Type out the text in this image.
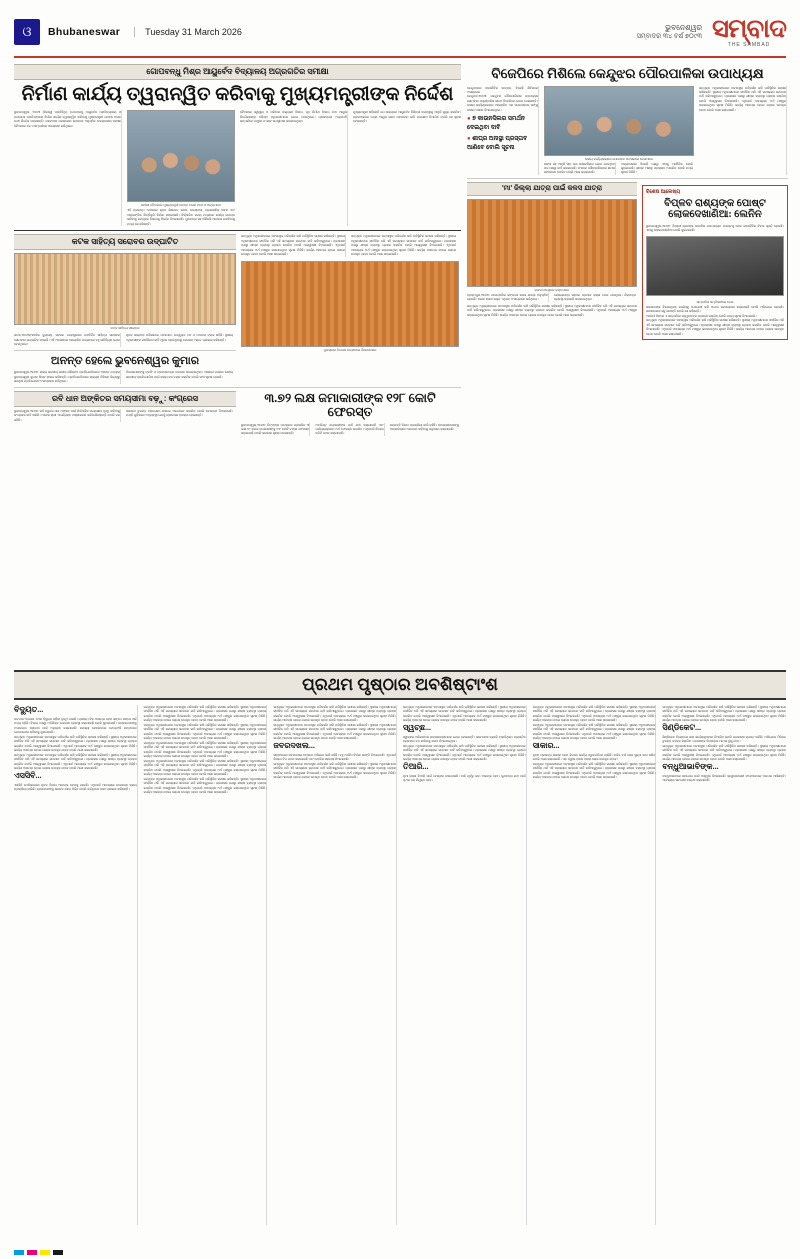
ଓ	Bhubaneswar	Tuesday 31 March 2026	ଭୁବନେଶ୍ୱର
ସମ୍ବାଦର ୩୪ ବର୍ଷ ୭୦୯୩ ସମ୍ବାଦ
THE SAMBAD
ଗୋପବନ୍ଧୁ ମିଶ୍ର ଆୟୁର୍ବେଦ ବିଦ୍ୟାଳୟ ଅଗ୍ରଗତିର ସମୀକ୍ଷା
ନିର୍ମାଣ କାର୍ଯ୍ୟ ତ୍ୱରାନ୍ୱିତ କରିବାକୁ ମୁଖ୍ୟମନ୍ତ୍ରୀଙ୍କ ନିର୍ଦ୍ଦେଶ
ଭୁବନେଶ୍ୱର, ୩୦ା୩ (ନିଜସ୍ୱ ପ୍ରତିନିଧି): ଗୋପବନ୍ଧୁ ଆୟୁର୍ବେଦ ମହାବିଦ୍ୟାଳୟ ଓ ଗବେଷଣା ପ୍ରତିଷ୍ଠାନର ନିର୍ମାଣ କାର୍ଯ୍ୟ ତ୍ୱରାନ୍ୱିତ କରିବାକୁ ମୁଖ୍ୟମନ୍ତ୍ରୀ ମୋହନ ଚରଣ ମାଝୀ ନିର୍ଦ୍ଦେଶ ଦେଇଛନ୍ତି। ସୋମବାର ଲୋକସେବା ଭବନରେ ଅନୁଷ୍ଠିତ ଉଚ୍ଚସ୍ତରୀୟ ସମୀକ୍ଷା ବୈଠକରେ ସେ ଏ ସମ୍ପର୍କରେ ଆଲୋଚନା କରିଥିଲେ।
ସମୀକ୍ଷା ବୈଠକରେ ମୁଖ୍ୟମନ୍ତ୍ରୀ ମୋହନ ଚରଣ ମାଝୀ ଓ ଅନ୍ୟମାନେ
ଏହି ପ୍ରକଳ୍ପ ଅଧୀନରେ ନୂତନ ଶିକ୍ଷାଗତ ଭବନ, ଛାତ୍ରାବାସ, ପ୍ରଶାସନିକ ଭବନ ଏବଂ ଆନୁଷଙ୍ଗିକ ଭିତ୍ତିଭୂମି ନିର୍ମାଣ କରାଯାଉଛି। ନିର୍ଦ୍ଧାରିତ ସମୟ ମଧ୍ୟରେ କାର୍ଯ୍ୟ ସମାପ୍ତ କରିବାକୁ ସମ୍ପୃକ୍ତ ବିଭାଗକୁ ନିର୍ଦ୍ଦେଶ ଦିଆଯାଇଛି। ଗୁଣବତ୍ତା ସହ କୌଣସି ଆପୋଷ ନକରିବାକୁ ମଧ୍ୟ ସେ କହିଛନ୍ତି।
ବୈଠକରେ ସ୍ୱାସ୍ଥ୍ୟ ଓ ପରିବାର କଲ୍ୟାଣ ବିଭାଗ, ଗୃହ ନିର୍ମାଣ ବିଭାଗ ତଥା ଆୟୁଷ ନିର୍ଦ୍ଦେଶାଳୟର ବରିଷ୍ଠ ଅଧିକାରୀମାନେ ଯୋଗ ଦେଇଥିଲେ। ପ୍ରକଳ୍ପର ଅଗ୍ରଗତି ସମ୍ପର୍କରେ ପାୱାର ପଏଣ୍ଟ ଉପସ୍ଥାପନା କରାଯାଇଥିଲା।
ମୁଖ୍ୟମନ୍ତ୍ରୀ କହିଛନ୍ତି ଯେ ରାଜ୍ୟରେ ଆୟୁର୍ବେଦ ଚିକିତ୍ସା ବ୍ୟବସ୍ଥାକୁ ଆହୁରି ସୁଦୃଢ଼ କରାଯିବ। ଗ୍ରାମାଞ୍ଚଳରେ ମଧ୍ୟ ଆୟୁଷ ସେବା ପହଞ୍ଚାଇବା ଲାଗି ପଦକ୍ଷେପ ନିଆଯିବ ବୋଲି ସେ ସୂଚନା ଦେଇଛନ୍ତି।
କଟକ ସାହିତ୍ୟ ସରୋବର ଉଦ୍‌ଘାଟିତ
କଟକ ସାହିତ୍ୟ ସରୋବର
କଟକ,୩୦ା୩(ଆଞ୍ଚଳିକ ବ୍ୟୁରୋ): ସହରର ମଧ୍ୟସ୍ଥଳରେ ନବନିର୍ମିତ ସାହିତ୍ୟ ସରୋବର ସୋମବାର ଉଦ୍‌ଘାଟିତ ହୋଇଛି। ଏହି ଅବସରରେ ଆୟୋଜିତ ଉତ୍ସବରେ ବହୁ ସାହିତ୍ୟିକ ଯୋଗ ଦେଇଥିଲେ।
ନୂତନ ସରୋବର ପରିସରରେ ପାଠାଗାର, ଉନ୍ମୁକ୍ତ ମଞ୍ଚ ଓ ପଥଚଲା ଟ୍ରାକ ରହିଛି। ସ୍ଥାନୀୟ ଅଧିବାସୀଙ୍କ ଦୀର୍ଘଦିନର ଦାବି ପୂରଣ ହୋଇଥିବାରୁ ସେମାନେ ଆନନ୍ଦ ପ୍ରକାଶ କରିଛନ୍ତି।
ଅନନ୍ତ ହେଲେ ଭୁବନେଶ୍ୱର କୁମାର
ଭୁବନେଶ୍ୱର,୩୦ା୩: ରାଜ୍ୟ ସ୍ତରୀୟ ଶରୀର ସୌଷ୍ଠବ ପ୍ରତିଯୋଗିତାରେ ଅନନ୍ତ ବେହେରା ଭୁବନେଶ୍ୱର କୁମାର ଖିତାବ ହାସଲ କରିଛନ୍ତି। ପ୍ରତିଯୋଗିତାରେ ରାଜ୍ୟର ବିଭିନ୍ନ ଜିଲ୍ଲାରୁ ଶତାଧିକ ପ୍ରତିଯୋଗୀ ଅଂଶଗ୍ରହଣ କରିଥିଲେ।
ବିଜେତାମାନଙ୍କୁ ଟ୍ରଫି ଓ ପ୍ରମାଣପତ୍ର ପ୍ରଦାନ କରାଯାଇଥିଲା। ଆସନ୍ତା ମାସରେ ଜାତୀୟ ସ୍ତରୀୟ ପ୍ରତିଯୋଗିତା ପାଇଁ ରାଜ୍ୟ ଦଳ ଚୟନ କରାଯିବ ବୋଲି ସଂଘ ସୂଚନା ଦେଇଛି।
ସମ୍ପୃକ୍ତ ଅଧିକାରୀମାନେ ଘଟଣାସ୍ଥଳ ପରିଦର୍ଶନ କରି ପରିସ୍ଥିତିର ସମୀକ୍ଷା କରିଛନ୍ତି। ସ୍ଥାନୀୟ ଅଧିବାସୀମାନେ ଦୀର୍ଘଦିନ ଧରି ଏହି ସମସ୍ୟାର ସମାଧାନ ଦାବି କରିଆସୁଥିଲେ। ପ୍ରଶାସନ ପକ୍ଷରୁ ଶୀଘ୍ର ବ୍ୟବସ୍ଥା ଗ୍ରହଣ କରାଯିବ ବୋଲି ଆଶ୍ୱାସନା ଦିଆଯାଇଛି। ଏଥିପାଇଁ ଆବଶ୍ୟକ ଅର୍ଥ ମଞ୍ଜୁର କରାଯାଇଥିବା ସୂଚନା ମିଳିଛି। କାର୍ଯ୍ୟ ଆରମ୍ଭ ହେଲେ ଲୋକେ ଉପକୃତ ହେବେ ବୋଲି ଆଶା କରାଯାଉଛି।
ସମ୍ପୃକ୍ତ ଅଧିକାରୀମାନେ ଘଟଣାସ୍ଥଳ ପରିଦର୍ଶନ କରି ପରିସ୍ଥିତିର ସମୀକ୍ଷା କରିଛନ୍ତି। ସ୍ଥାନୀୟ ଅଧିବାସୀମାନେ ଦୀର୍ଘଦିନ ଧରି ଏହି ସମସ୍ୟାର ସମାଧାନ ଦାବି କରିଆସୁଥିଲେ। ପ୍ରଶାସନ ପକ୍ଷରୁ ଶୀଘ୍ର ବ୍ୟବସ୍ଥା ଗ୍ରହଣ କରାଯିବ ବୋଲି ଆଶ୍ୱାସନା ଦିଆଯାଇଛି। ଏଥିପାଇଁ ଆବଶ୍ୟକ ଅର୍ଥ ମଞ୍ଜୁର କରାଯାଇଥିବା ସୂଚନା ମିଳିଛି। କାର୍ଯ୍ୟ ଆରମ୍ଭ ହେଲେ ଲୋକେ ଉପକୃତ ହେବେ ବୋଲି ଆଶା କରାଯାଉଛି।
ପୁରସ୍କାର ବିତରଣ ଉତ୍ସବରେ ବିଜେତାମାନେ
ରବି ଧାନ ଅଙ୍କିତର ସମୟସୀମା ବଢ଼ୁ: କଂଗ୍ରେସ
ଭୁବନେଶ୍ୱର,୩୦ା୩: ରବି ଋତୁରେ ଧାନ ଅଙ୍କନ ପାଇଁ ନିର୍ଦ୍ଧାରିତ ସମୟସୀମା ବୃଦ୍ଧି କରିବାକୁ କଂଗ୍ରେସ ଦାବି କରିଛି। ଅନେକ ଚାଷୀ ଏପର୍ଯ୍ୟନ୍ତ ପଞ୍ଜୀକରଣ କରିପାରିନାହାନ୍ତି ବୋଲି ଦଳ କହିଛି।
ସରକାର ତୁରନ୍ତ ହସ୍ତକ୍ଷେପ ନକଲେ ଆନ୍ଦୋଳନ କରାଯିବ ବୋଲି ଚେତାବନୀ ଦିଆଯାଇଛି। ମଣ୍ଡି ଗୁଡ଼ିକରେ ଅବ୍ୟବସ୍ଥା ଯୋଗୁଁ ଚାଷୀମାନେ ହଇରାଣ ହେଉଛନ୍ତି।
୩.୭୨ ଲକ୍ଷ ଜମାକାରୀଙ୍କ ୧୨୮ କୋଟି ଫେରସ୍ତ
ଭୁବନେଶ୍ୱର,୩୦ା୩: ଚିଟ୍‌ଫଣ୍ଡ ମାମଲାରେ ପ୍ରତାରିତ ୩ ଲକ୍ଷ ୭୨ ହଜାର ଜମାକାରୀଙ୍କୁ ୧୨୮ କୋଟି ଟଙ୍କା ଫେରସ୍ତ କରାଯାଇଛି ବୋଲି ସରକାର ସୂଚନା ଦେଇଛନ୍ତି।
ଅବଶିଷ୍ଟ ଜମାକାରୀଙ୍କ ଦାବି ଯାଞ୍ଚ କରାଯାଉଛି ଏବଂ ପର୍ଯ୍ୟାୟକ୍ରମେ ଅର୍ଥ ଫେରସ୍ତ କରାଯିବ। ଏଥିପାଇଁ ବିଶେଷ କମିଟି ଗଠନ କରାଯାଇଛି।
ସମ୍ପତ୍ତି ନିଲାମ ପ୍ରକ୍ରିୟା ଜାରି ରହିଛି। ଜମାକାରୀମାନଙ୍କୁ ଅନଲାଇନ୍‌ରେ ଆବେଦନ କରିବାକୁ ଅନୁରୋଧ କରାଯାଇଛି।
ବିଜେପିରେ ମିଶିଲେ କେନ୍ଦୁଝର ପୌରପାଳିକା ଉପାଧ୍ୟକ୍ଷ
କେନ୍ଦୁଝରରେ ରାଜନୈତିକ ଉତ୍ତାପ, ବିଜେଡ଼ି ଶିବିରରେ ଅସନ୍ତୋଷ
କେନ୍ଦୁଝର,୩୦ା୩: କେନ୍ଦୁଝର ପୌରପାଳିକାର ଉପାଧ୍ୟକ୍ଷ ସୋମବାର ଆନୁଷ୍ଠାନିକ ଭାବେ ବିଜେପିରେ ଯୋଗ ଦେଇଛନ୍ତି। ଦଳୀୟ କାର୍ଯ୍ୟାଳୟରେ ଆୟୋଜିତ ଏକ ସମାରୋହରେ ତାଙ୍କୁ ଦଳୀୟ ପତାକା ଦିଆଯାଇଥିଲା।
● ୭ କାଉନସିଲର ସମର୍ଥନ ଦେଇଥିବା ଦାବି
● ଶୀଘ୍ର ଅନାସ୍ଥା ପ୍ରସ୍ତାବ ଆଣିବେ ବୋଲି ସୂଚନା
ଦଳୀୟ କାର୍ଯ୍ୟାଳୟରେ ଯୋଗଦାନ ଅବସରରେ ନେତାମାନେ
ତାଙ୍କ ସହ ଆହୁରି ସାତ ଜଣ କାଉନସିଲର ଯୋଗ ଦେଇଥିବା ଦଳ ପକ୍ଷରୁ ଦାବି କରାଯାଇଛି। ଫଳରେ ପୌରପାଳିକାରେ କ୍ଷମତା ସମୀକରଣ ବଦଳିବ ବୋଲି ଆଶା କରାଯାଉଛି।
ଅନ୍ୟପକ୍ଷରେ ବିଜେଡ଼ି ପକ୍ଷରୁ ଏହାକୁ ଅନୈତିକ ବୋଲି କୁହାଯାଇଛି। ଶୀଘ୍ର ଅନାସ୍ଥା ପ୍ରସ୍ତାବ ଅଣାଯିବ ବୋଲି ମଧ୍ୟ ସୂଚନା ମିଳିଛି।
ସମ୍ପୃକ୍ତ ଅଧିକାରୀମାନେ ଘଟଣାସ୍ଥଳ ପରିଦର୍ଶନ କରି ପରିସ୍ଥିତିର ସମୀକ୍ଷା କରିଛନ୍ତି। ସ୍ଥାନୀୟ ଅଧିବାସୀମାନେ ଦୀର୍ଘଦିନ ଧରି ଏହି ସମସ୍ୟାର ସମାଧାନ ଦାବି କରିଆସୁଥିଲେ। ପ୍ରଶାସନ ପକ୍ଷରୁ ଶୀଘ୍ର ବ୍ୟବସ୍ଥା ଗ୍ରହଣ କରାଯିବ ବୋଲି ଆଶ୍ୱାସନା ଦିଆଯାଇଛି। ଏଥିପାଇଁ ଆବଶ୍ୟକ ଅର୍ଥ ମଞ୍ଜୁର କରାଯାଇଥିବା ସୂଚନା ମିଳିଛି। କାର୍ଯ୍ୟ ଆରମ୍ଭ ହେଲେ ଲୋକେ ଉପକୃତ ହେବେ ବୋଲି ଆଶା କରାଯାଉଛି।
'ମା' ଜିଲ୍ଲା ଯାତ୍ରା ପାଇଁ କଳସ ଯାତ୍ରା
କଳସ ଯାତ୍ରାରେ ଭକ୍ତମାନେ
ବ୍ରହ୍ମପୁର,୩୦ା୩: ପାରମ୍ପରିକ ଢଙ୍ଗରେ କଳସ ଯାତ୍ରା ଅନୁଷ୍ଠିତ ହୋଇଛି। ହଜାର ହଜାର ଭକ୍ତ ଏଥିରେ ଅଂଶଗ୍ରହଣ କରିଥିଲେ।
ଶୋଭାଯାତ୍ରା ସହରର ପ୍ରଧାନ ରାସ୍ତା ଦେଇ ଯାଇଥିଲା। ନିରାପତ୍ତା ବ୍ୟବସ୍ଥା କଡ଼ାକଡ଼ି କରାଯାଇଥିଲା।
ସମ୍ପୃକ୍ତ ଅଧିକାରୀମାନେ ଘଟଣାସ୍ଥଳ ପରିଦର୍ଶନ କରି ପରିସ୍ଥିତିର ସମୀକ୍ଷା କରିଛନ୍ତି। ସ୍ଥାନୀୟ ଅଧିବାସୀମାନେ ଦୀର୍ଘଦିନ ଧରି ଏହି ସମସ୍ୟାର ସମାଧାନ ଦାବି କରିଆସୁଥିଲେ। ପ୍ରଶାସନ ପକ୍ଷରୁ ଶୀଘ୍ର ବ୍ୟବସ୍ଥା ଗ୍ରହଣ କରାଯିବ ବୋଲି ଆଶ୍ୱାସନା ଦିଆଯାଇଛି। ଏଥିପାଇଁ ଆବଶ୍ୟକ ଅର୍ଥ ମଞ୍ଜୁର କରାଯାଇଥିବା ସୂଚନା ମିଳିଛି। କାର୍ଯ୍ୟ ଆରମ୍ଭ ହେଲେ ଲୋକେ ଉପକୃତ ହେବେ ବୋଲି ଆଶା କରାଯାଉଛି।
ବିଶେଷ ଆଲେଖ୍ୟ
ବିପ୍ଳବ ରାଶ୍ୟଙ୍କ ପୋଷ୍ଟ ଲୋକଦେଖାଣିଆ: ଲେନିନ
ଭୁବନେଶ୍ୱର,୩୦ା୩: ବିରୋଧୀ ନେତାଙ୍କ ସାମାଜିକ ଗଣମାଧ୍ୟମ ପୋଷ୍ଟକୁ ନେଇ ରାଜନୈତିକ ବିବାଦ ସୃଷ୍ଟି ହୋଇଛି। ଏହାକୁ ଲୋକଦେଖାଣିଆ ବୋଲି କୁହାଯାଇଛି।
ସାମ୍ବାଦିକ ସମ୍ମିଳନୀରେ ନେତା
ସରକାରଙ୍କ ବିକାଶମୂଳକ କାର୍ଯ୍ୟକୁ ଅଣଦେଖା କରି ଅଯଥା ସମାଲୋଚନା କରାଯାଉଛି ବୋଲି ଅଭିଯୋଗ ହୋଇଛି। ଜନସାଧାରଣ ସବୁ ଜାଣନ୍ତି ବୋଲି ସେ କହିଛନ୍ତି।
ଆଗାମୀ ଦିନରେ ଏ ସମ୍ପର୍କରେ ଶ୍ୱେତପତ୍ର ପ୍ରକାଶ କରାଯିବ ବୋଲି ମଧ୍ୟ ସୂଚନା ଦିଆଯାଇଛି।
ସମ୍ପୃକ୍ତ ଅଧିକାରୀମାନେ ଘଟଣାସ୍ଥଳ ପରିଦର୍ଶନ କରି ପରିସ୍ଥିତିର ସମୀକ୍ଷା କରିଛନ୍ତି। ସ୍ଥାନୀୟ ଅଧିବାସୀମାନେ ଦୀର୍ଘଦିନ ଧରି ଏହି ସମସ୍ୟାର ସମାଧାନ ଦାବି କରିଆସୁଥିଲେ। ପ୍ରଶାସନ ପକ୍ଷରୁ ଶୀଘ୍ର ବ୍ୟବସ୍ଥା ଗ୍ରହଣ କରାଯିବ ବୋଲି ଆଶ୍ୱାସନା ଦିଆଯାଇଛି। ଏଥିପାଇଁ ଆବଶ୍ୟକ ଅର୍ଥ ମଞ୍ଜୁର କରାଯାଇଥିବା ସୂଚନା ମିଳିଛି। କାର୍ଯ୍ୟ ଆରମ୍ଭ ହେଲେ ଲୋକେ ଉପକୃତ ହେବେ ବୋଲି ଆଶା କରାଯାଉଛି।
ପ୍ରଥମ ପୃଷ୍ଠାର ଅବଶିଷ୍ଟାଂଶ
ବିଦ୍ୟୁତ...
ଗତମାସ ଅପେକ୍ଷା ଏଥର ବିଦ୍ୟୁତ ଚାହିଦା ବୃଦ୍ଧି ପାଇଛି। ଗ୍ରୀଷ୍ମ ଦିନ ଆରମ୍ଭ ହେବା ସଙ୍ଗେ ସଙ୍ଗେ ଖର୍ଚ୍ଚ ମଧ୍ୟ ବଢ଼ିଛି। ବିଭାଗ ପକ୍ଷରୁ ଅତିରିକ୍ତ ଯୋଗାଣ ବ୍ୟବସ୍ଥା କରାଯାଇଛି ବୋଲି କୁହାଯାଇଛି। ଗ୍ରାହକମାନଙ୍କୁ ଅପାରଗତା ଏଡ଼ାଇବା ପାଇଁ ଅନୁରୋଧ କରାଯାଇଛି। ସମସ୍ୟା ଦେଖାଦେଲେ ଟୋଲ୍‌ଫ୍ରି ନମ୍ବରରେ ଯୋଗାଯୋଗ କରିବାକୁ କୁହାଯାଇଛି।
ସମ୍ପୃକ୍ତ ଅଧିକାରୀମାନେ ଘଟଣାସ୍ଥଳ ପରିଦର୍ଶନ କରି ପରିସ୍ଥିତିର ସମୀକ୍ଷା କରିଛନ୍ତି। ସ୍ଥାନୀୟ ଅଧିବାସୀମାନେ ଦୀର୍ଘଦିନ ଧରି ଏହି ସମସ୍ୟାର ସମାଧାନ ଦାବି କରିଆସୁଥିଲେ। ପ୍ରଶାସନ ପକ୍ଷରୁ ଶୀଘ୍ର ବ୍ୟବସ୍ଥା ଗ୍ରହଣ କରାଯିବ ବୋଲି ଆଶ୍ୱାସନା ଦିଆଯାଇଛି। ଏଥିପାଇଁ ଆବଶ୍ୟକ ଅର୍ଥ ମଞ୍ଜୁର କରାଯାଇଥିବା ସୂଚନା ମିଳିଛି। କାର୍ଯ୍ୟ ଆରମ୍ଭ ହେଲେ ଲୋକେ ଉପକୃତ ହେବେ ବୋଲି ଆଶା କରାଯାଉଛି।
ସମ୍ପୃକ୍ତ ଅଧିକାରୀମାନେ ଘଟଣାସ୍ଥଳ ପରିଦର୍ଶନ କରି ପରିସ୍ଥିତିର ସମୀକ୍ଷା କରିଛନ୍ତି। ସ୍ଥାନୀୟ ଅଧିବାସୀମାନେ ଦୀର୍ଘଦିନ ଧରି ଏହି ସମସ୍ୟାର ସମାଧାନ ଦାବି କରିଆସୁଥିଲେ। ପ୍ରଶାସନ ପକ୍ଷରୁ ଶୀଘ୍ର ବ୍ୟବସ୍ଥା ଗ୍ରହଣ କରାଯିବ ବୋଲି ଆଶ୍ୱାସନା ଦିଆଯାଇଛି। ଏଥିପାଇଁ ଆବଶ୍ୟକ ଅର୍ଥ ମଞ୍ଜୁର କରାଯାଇଥିବା ସୂଚନା ମିଳିଛି। କାର୍ଯ୍ୟ ଆରମ୍ଭ ହେଲେ ଲୋକେ ଉପକୃତ ହେବେ ବୋଲି ଆଶା କରାଯାଉଛି।
ଏସସିବି...
ଏସସିବି ମେଡିକାଲରେ ନୂତନ ବିଭାଗ ଆରମ୍ଭ ହେବାକୁ ଯାଉଛି। ଏଥିପାଇଁ ଆବଶ୍ୟକ ଉପକରଣ କ୍ରୟ ପ୍ରକ୍ରିୟା ଚାଲିଛି। ରୋଗୀମାନଙ୍କୁ ଉନ୍ନତ ସେବା ମିଳିବ ବୋଲି କର୍ତ୍ତୃପକ୍ଷ ଆଶା ପ୍ରକାଶ କରିଛନ୍ତି।
ସମ୍ପୃକ୍ତ ଅଧିକାରୀମାନେ ଘଟଣାସ୍ଥଳ ପରିଦର୍ଶନ କରି ପରିସ୍ଥିତିର ସମୀକ୍ଷା କରିଛନ୍ତି। ସ୍ଥାନୀୟ ଅଧିବାସୀମାନେ ଦୀର୍ଘଦିନ ଧରି ଏହି ସମସ୍ୟାର ସମାଧାନ ଦାବି କରିଆସୁଥିଲେ। ପ୍ରଶାସନ ପକ୍ଷରୁ ଶୀଘ୍ର ବ୍ୟବସ୍ଥା ଗ୍ରହଣ କରାଯିବ ବୋଲି ଆଶ୍ୱାସନା ଦିଆଯାଇଛି। ଏଥିପାଇଁ ଆବଶ୍ୟକ ଅର୍ଥ ମଞ୍ଜୁର କରାଯାଇଥିବା ସୂଚନା ମିଳିଛି। କାର୍ଯ୍ୟ ଆରମ୍ଭ ହେଲେ ଲୋକେ ଉପକୃତ ହେବେ ବୋଲି ଆଶା କରାଯାଉଛି।
ସମ୍ପୃକ୍ତ ଅଧିକାରୀମାନେ ଘଟଣାସ୍ଥଳ ପରିଦର୍ଶନ କରି ପରିସ୍ଥିତିର ସମୀକ୍ଷା କରିଛନ୍ତି। ସ୍ଥାନୀୟ ଅଧିବାସୀମାନେ ଦୀର୍ଘଦିନ ଧରି ଏହି ସମସ୍ୟାର ସମାଧାନ ଦାବି କରିଆସୁଥିଲେ। ପ୍ରଶାସନ ପକ୍ଷରୁ ଶୀଘ୍ର ବ୍ୟବସ୍ଥା ଗ୍ରହଣ କରାଯିବ ବୋଲି ଆଶ୍ୱାସନା ଦିଆଯାଇଛି। ଏଥିପାଇଁ ଆବଶ୍ୟକ ଅର୍ଥ ମଞ୍ଜୁର କରାଯାଇଥିବା ସୂଚନା ମିଳିଛି। କାର୍ଯ୍ୟ ଆରମ୍ଭ ହେଲେ ଲୋକେ ଉପକୃତ ହେବେ ବୋଲି ଆଶା କରାଯାଉଛି।
ସମ୍ପୃକ୍ତ ଅଧିକାରୀମାନେ ଘଟଣାସ୍ଥଳ ପରିଦର୍ଶନ କରି ପରିସ୍ଥିତିର ସମୀକ୍ଷା କରିଛନ୍ତି। ସ୍ଥାନୀୟ ଅଧିବାସୀମାନେ ଦୀର୍ଘଦିନ ଧରି ଏହି ସମସ୍ୟାର ସମାଧାନ ଦାବି କରିଆସୁଥିଲେ। ପ୍ରଶାସନ ପକ୍ଷରୁ ଶୀଘ୍ର ବ୍ୟବସ୍ଥା ଗ୍ରହଣ କରାଯିବ ବୋଲି ଆଶ୍ୱାସନା ଦିଆଯାଇଛି। ଏଥିପାଇଁ ଆବଶ୍ୟକ ଅର୍ଥ ମଞ୍ଜୁର କରାଯାଇଥିବା ସୂଚନା ମିଳିଛି। କାର୍ଯ୍ୟ ଆରମ୍ଭ ହେଲେ ଲୋକେ ଉପକୃତ ହେବେ ବୋଲି ଆଶା କରାଯାଉଛି।
ସମ୍ପୃକ୍ତ ଅଧିକାରୀମାନେ ଘଟଣାସ୍ଥଳ ପରିଦର୍ଶନ କରି ପରିସ୍ଥିତିର ସମୀକ୍ଷା କରିଛନ୍ତି। ସ୍ଥାନୀୟ ଅଧିବାସୀମାନେ ଦୀର୍ଘଦିନ ଧରି ଏହି ସମସ୍ୟାର ସମାଧାନ ଦାବି କରିଆସୁଥିଲେ। ପ୍ରଶାସନ ପକ୍ଷରୁ ଶୀଘ୍ର ବ୍ୟବସ୍ଥା ଗ୍ରହଣ କରାଯିବ ବୋଲି ଆଶ୍ୱାସନା ଦିଆଯାଇଛି। ଏଥିପାଇଁ ଆବଶ୍ୟକ ଅର୍ଥ ମଞ୍ଜୁର କରାଯାଇଥିବା ସୂଚନା ମିଳିଛି। କାର୍ଯ୍ୟ ଆରମ୍ଭ ହେଲେ ଲୋକେ ଉପକୃତ ହେବେ ବୋଲି ଆଶା କରାଯାଉଛି।
ସମ୍ପୃକ୍ତ ଅଧିକାରୀମାନେ ଘଟଣାସ୍ଥଳ ପରିଦର୍ଶନ କରି ପରିସ୍ଥିତିର ସମୀକ୍ଷା କରିଛନ୍ତି। ସ୍ଥାନୀୟ ଅଧିବାସୀମାନେ ଦୀର୍ଘଦିନ ଧରି ଏହି ସମସ୍ୟାର ସମାଧାନ ଦାବି କରିଆସୁଥିଲେ। ପ୍ରଶାସନ ପକ୍ଷରୁ ଶୀଘ୍ର ବ୍ୟବସ୍ଥା ଗ୍ରହଣ କରାଯିବ ବୋଲି ଆଶ୍ୱାସନା ଦିଆଯାଇଛି। ଏଥିପାଇଁ ଆବଶ୍ୟକ ଅର୍ଥ ମଞ୍ଜୁର କରାଯାଇଥିବା ସୂଚନା ମିଳିଛି। କାର୍ଯ୍ୟ ଆରମ୍ଭ ହେଲେ ଲୋକେ ଉପକୃତ ହେବେ ବୋଲି ଆଶା କରାଯାଉଛି।
ସମ୍ପୃକ୍ତ ଅଧିକାରୀମାନେ ଘଟଣାସ୍ଥଳ ପରିଦର୍ଶନ କରି ପରିସ୍ଥିତିର ସମୀକ୍ଷା କରିଛନ୍ତି। ସ୍ଥାନୀୟ ଅଧିବାସୀମାନେ ଦୀର୍ଘଦିନ ଧରି ଏହି ସମସ୍ୟାର ସମାଧାନ ଦାବି କରିଆସୁଥିଲେ। ପ୍ରଶାସନ ପକ୍ଷରୁ ଶୀଘ୍ର ବ୍ୟବସ୍ଥା ଗ୍ରହଣ କରାଯିବ ବୋଲି ଆଶ୍ୱାସନା ଦିଆଯାଇଛି। ଏଥିପାଇଁ ଆବଶ୍ୟକ ଅର୍ଥ ମଞ୍ଜୁର କରାଯାଇଥିବା ସୂଚନା ମିଳିଛି। କାର୍ଯ୍ୟ ଆରମ୍ଭ ହେଲେ ଲୋକେ ଉପକୃତ ହେବେ ବୋଲି ଆଶା କରାଯାଉଛି।
ସମ୍ପୃକ୍ତ ଅଧିକାରୀମାନେ ଘଟଣାସ୍ଥଳ ପରିଦର୍ଶନ କରି ପରିସ୍ଥିତିର ସମୀକ୍ଷା କରିଛନ୍ତି। ସ୍ଥାନୀୟ ଅଧିବାସୀମାନେ ଦୀର୍ଘଦିନ ଧରି ଏହି ସମସ୍ୟାର ସମାଧାନ ଦାବି କରିଆସୁଥିଲେ। ପ୍ରଶାସନ ପକ୍ଷରୁ ଶୀଘ୍ର ବ୍ୟବସ୍ଥା ଗ୍ରହଣ କରାଯିବ ବୋଲି ଆଶ୍ୱାସନା ଦିଆଯାଇଛି। ଏଥିପାଇଁ ଆବଶ୍ୟକ ଅର୍ଥ ମଞ୍ଜୁର କରାଯାଇଥିବା ସୂଚନା ମିଳିଛି। କାର୍ଯ୍ୟ ଆରମ୍ଭ ହେଲେ ଲୋକେ ଉପକୃତ ହେବେ ବୋଲି ଆଶା କରାଯାଉଛି।
ଜବରଦଖଲ...
ସହରାଞ୍ଚଳରେ ଜବରଦଖଲ ହଟାଇବା ଅଭିଯାନ ଜାରି ରହିଛି। ବହୁ ଅବୈଧ ନିର୍ମାଣ ଭାଙ୍ଗି ଦିଆଯାଇଛି। ଏଥିପାଇଁ ବିଶେଷ ଟିମ ଗଠନ କରାଯାଇଛି ଏବଂ ପୋଲିସ ସହାୟତା ନିଆଯାଉଛି।
ସମ୍ପୃକ୍ତ ଅଧିକାରୀମାନେ ଘଟଣାସ୍ଥଳ ପରିଦର୍ଶନ କରି ପରିସ୍ଥିତିର ସମୀକ୍ଷା କରିଛନ୍ତି। ସ୍ଥାନୀୟ ଅଧିବାସୀମାନେ ଦୀର୍ଘଦିନ ଧରି ଏହି ସମସ୍ୟାର ସମାଧାନ ଦାବି କରିଆସୁଥିଲେ। ପ୍ରଶାସନ ପକ୍ଷରୁ ଶୀଘ୍ର ବ୍ୟବସ୍ଥା ଗ୍ରହଣ କରାଯିବ ବୋଲି ଆଶ୍ୱାସନା ଦିଆଯାଇଛି। ଏଥିପାଇଁ ଆବଶ୍ୟକ ଅର୍ଥ ମଞ୍ଜୁର କରାଯାଇଥିବା ସୂଚନା ମିଳିଛି। କାର୍ଯ୍ୟ ଆରମ୍ଭ ହେଲେ ଲୋକେ ଉପକୃତ ହେବେ ବୋଲି ଆଶା କରାଯାଉଛି।
ସମ୍ପୃକ୍ତ ଅଧିକାରୀମାନେ ଘଟଣାସ୍ଥଳ ପରିଦର୍ଶନ କରି ପରିସ୍ଥିତିର ସମୀକ୍ଷା କରିଛନ୍ତି। ସ୍ଥାନୀୟ ଅଧିବାସୀମାନେ ଦୀର୍ଘଦିନ ଧରି ଏହି ସମସ୍ୟାର ସମାଧାନ ଦାବି କରିଆସୁଥିଲେ। ପ୍ରଶାସନ ପକ୍ଷରୁ ଶୀଘ୍ର ବ୍ୟବସ୍ଥା ଗ୍ରହଣ କରାଯିବ ବୋଲି ଆଶ୍ୱାସନା ଦିଆଯାଇଛି। ଏଥିପାଇଁ ଆବଶ୍ୟକ ଅର୍ଥ ମଞ୍ଜୁର କରାଯାଇଥିବା ସୂଚନା ମିଳିଛି। କାର୍ଯ୍ୟ ଆରମ୍ଭ ହେଲେ ଲୋକେ ଉପକୃତ ହେବେ ବୋଲି ଆଶା କରାଯାଉଛି।
ସ୍ୱଚ୍ଛ...
ସ୍ୱଚ୍ଛତା ଅଭିଯାନରେ ଛାତ୍ରଛାତ୍ରୀମାନେ ଯୋଗ ଦେଇଛନ୍ତି। ସଚେତନତା ର୍‌ୟାଲି ବାହାରିଥିଲା। ପ୍ଲାଷ୍ଟିକ ବ୍ୟବହାର ବନ୍ଦ କରିବାକୁ ଶପଥ ନିଆଯାଇଥିଲା।
ସମ୍ପୃକ୍ତ ଅଧିକାରୀମାନେ ଘଟଣାସ୍ଥଳ ପରିଦର୍ଶନ କରି ପରିସ୍ଥିତିର ସମୀକ୍ଷା କରିଛନ୍ତି। ସ୍ଥାନୀୟ ଅଧିବାସୀମାନେ ଦୀର୍ଘଦିନ ଧରି ଏହି ସମସ୍ୟାର ସମାଧାନ ଦାବି କରିଆସୁଥିଲେ। ପ୍ରଶାସନ ପକ୍ଷରୁ ଶୀଘ୍ର ବ୍ୟବସ୍ଥା ଗ୍ରହଣ କରାଯିବ ବୋଲି ଆଶ୍ୱାସନା ଦିଆଯାଇଛି। ଏଥିପାଇଁ ଆବଶ୍ୟକ ଅର୍ଥ ମଞ୍ଜୁର କରାଯାଇଥିବା ସୂଚନା ମିଳିଛି। କାର୍ଯ୍ୟ ଆରମ୍ଭ ହେଲେ ଲୋକେ ଉପକୃତ ହେବେ ବୋଲି ଆଶା କରାଯାଉଛି।
ତିଆରି...
ନୂଆ ରାସ୍ତା ତିଆରି ପାଇଁ ଟେଣ୍ଡର ଡକାଯାଇଛି। ବର୍ଷା ପୂର୍ବରୁ କାମ ଆରମ୍ଭ ହେବ। ଗୁଣବତ୍ତା ଯାଞ୍ଚ ପାଇଁ ପୃଥକ ଦଳ ନିଯୁକ୍ତ ହେବ।
ସମ୍ପୃକ୍ତ ଅଧିକାରୀମାନେ ଘଟଣାସ୍ଥଳ ପରିଦର୍ଶନ କରି ପରିସ୍ଥିତିର ସମୀକ୍ଷା କରିଛନ୍ତି। ସ୍ଥାନୀୟ ଅଧିବାସୀମାନେ ଦୀର୍ଘଦିନ ଧରି ଏହି ସମସ୍ୟାର ସମାଧାନ ଦାବି କରିଆସୁଥିଲେ। ପ୍ରଶାସନ ପକ୍ଷରୁ ଶୀଘ୍ର ବ୍ୟବସ୍ଥା ଗ୍ରହଣ କରାଯିବ ବୋଲି ଆଶ୍ୱାସନା ଦିଆଯାଇଛି। ଏଥିପାଇଁ ଆବଶ୍ୟକ ଅର୍ଥ ମଞ୍ଜୁର କରାଯାଇଥିବା ସୂଚନା ମିଳିଛି। କାର୍ଯ୍ୟ ଆରମ୍ଭ ହେଲେ ଲୋକେ ଉପକୃତ ହେବେ ବୋଲି ଆଶା କରାଯାଉଛି।
ସମ୍ପୃକ୍ତ ଅଧିକାରୀମାନେ ଘଟଣାସ୍ଥଳ ପରିଦର୍ଶନ କରି ପରିସ୍ଥିତିର ସମୀକ୍ଷା କରିଛନ୍ତି। ସ୍ଥାନୀୟ ଅଧିବାସୀମାନେ ଦୀର୍ଘଦିନ ଧରି ଏହି ସମସ୍ୟାର ସମାଧାନ ଦାବି କରିଆସୁଥିଲେ। ପ୍ରଶାସନ ପକ୍ଷରୁ ଶୀଘ୍ର ବ୍ୟବସ୍ଥା ଗ୍ରହଣ କରାଯିବ ବୋଲି ଆଶ୍ୱାସନା ଦିଆଯାଇଛି। ଏଥିପାଇଁ ଆବଶ୍ୟକ ଅର୍ଥ ମଞ୍ଜୁର କରାଯାଇଥିବା ସୂଚନା ମିଳିଛି। କାର୍ଯ୍ୟ ଆରମ୍ଭ ହେଲେ ଲୋକେ ଉପକୃତ ହେବେ ବୋଲି ଆଶା କରାଯାଉଛି।
ସାକାର...
ନୂତନ ପ୍ରକଳ୍ପ ସାକାର ହେବା ଦିଗରେ କାର୍ଯ୍ୟ ଦ୍ରୁତଗତିରେ ଚାଲିଛି। ଚଳିତ ବର୍ଷ ଶେଷ ସୁଦ୍ଧା କାମ ସରିବ ବୋଲି ଆଶା କରାଯାଉଛି। ଏହା ଦ୍ୱାରା ହଜାର ହଜାର ଲୋକ ଉପକୃତ ହେବେ।
ସମ୍ପୃକ୍ତ ଅଧିକାରୀମାନେ ଘଟଣାସ୍ଥଳ ପରିଦର୍ଶନ କରି ପରିସ୍ଥିତିର ସମୀକ୍ଷା କରିଛନ୍ତି। ସ୍ଥାନୀୟ ଅଧିବାସୀମାନେ ଦୀର୍ଘଦିନ ଧରି ଏହି ସମସ୍ୟାର ସମାଧାନ ଦାବି କରିଆସୁଥିଲେ। ପ୍ରଶାସନ ପକ୍ଷରୁ ଶୀଘ୍ର ବ୍ୟବସ୍ଥା ଗ୍ରହଣ କରାଯିବ ବୋଲି ଆଶ୍ୱାସନା ଦିଆଯାଇଛି। ଏଥିପାଇଁ ଆବଶ୍ୟକ ଅର୍ଥ ମଞ୍ଜୁର କରାଯାଇଥିବା ସୂଚନା ମିଳିଛି। କାର୍ଯ୍ୟ ଆରମ୍ଭ ହେଲେ ଲୋକେ ଉପକୃତ ହେବେ ବୋଲି ଆଶା କରାଯାଉଛି।
ସମ୍ପୃକ୍ତ ଅଧିକାରୀମାନେ ଘଟଣାସ୍ଥଳ ପରିଦର୍ଶନ କରି ପରିସ୍ଥିତିର ସମୀକ୍ଷା କରିଛନ୍ତି। ସ୍ଥାନୀୟ ଅଧିବାସୀମାନେ ଦୀର୍ଘଦିନ ଧରି ଏହି ସମସ୍ୟାର ସମାଧାନ ଦାବି କରିଆସୁଥିଲେ। ପ୍ରଶାସନ ପକ୍ଷରୁ ଶୀଘ୍ର ବ୍ୟବସ୍ଥା ଗ୍ରହଣ କରାଯିବ ବୋଲି ଆଶ୍ୱାସନା ଦିଆଯାଇଛି। ଏଥିପାଇଁ ଆବଶ୍ୟକ ଅର୍ଥ ମଞ୍ଜୁର କରାଯାଇଥିବା ସୂଚନା ମିଳିଛି। କାର୍ଯ୍ୟ ଆରମ୍ଭ ହେଲେ ଲୋକେ ଉପକୃତ ହେବେ ବୋଲି ଆଶା କରାଯାଉଛି।
ସିଣ୍ଡିକେଟ...
ସିଣ୍ଡିକେଟ ବିରୋଧରେ କଡ଼ା କାର୍ଯ୍ୟାନୁଷ୍ଠାନ ନିଆଯିବ ବୋଲି ପ୍ରଶାସନ ସ୍ପଷ୍ଟ କରିଛି। ଅଭିଯୋଗ ମିଳିଲେ ତୁରନ୍ତ ତଦନ୍ତ କରାଯିବ। ଦୋଷୀଙ୍କ ବିରୋଧରେ ମାମଲା ରୁଜୁ ହେବ।
ସମ୍ପୃକ୍ତ ଅଧିକାରୀମାନେ ଘଟଣାସ୍ଥଳ ପରିଦର୍ଶନ କରି ପରିସ୍ଥିତିର ସମୀକ୍ଷା କରିଛନ୍ତି। ସ୍ଥାନୀୟ ଅଧିବାସୀମାନେ ଦୀର୍ଘଦିନ ଧରି ଏହି ସମସ୍ୟାର ସମାଧାନ ଦାବି କରିଆସୁଥିଲେ। ପ୍ରଶାସନ ପକ୍ଷରୁ ଶୀଘ୍ର ବ୍ୟବସ୍ଥା ଗ୍ରହଣ କରାଯିବ ବୋଲି ଆଶ୍ୱାସନା ଦିଆଯାଇଛି। ଏଥିପାଇଁ ଆବଶ୍ୟକ ଅର୍ଥ ମଞ୍ଜୁର କରାଯାଇଥିବା ସୂଚନା ମିଳିଛି। କାର୍ଯ୍ୟ ଆରମ୍ଭ ହେଲେ ଲୋକେ ଉପକୃତ ହେବେ ବୋଲି ଆଶା କରାଯାଉଛି।
ବନ୍ଧୁଆଭାବିଙ୍କ...
ବନ୍ଧୁଆଭାବରେ ସହଯୋଗ ପାଇଁ ଆହ୍ୱାନ ଦିଆଯାଇଛି। ସ୍ୱେଚ୍ଛାସେବୀ ସଂଗଠନମାନେ ଆଗେଇ ଆସିଛନ୍ତି। ଆବଶ୍ୟକ ସାମଗ୍ରୀ ବଣ୍ଟନ କରାଯାଉଛି।
